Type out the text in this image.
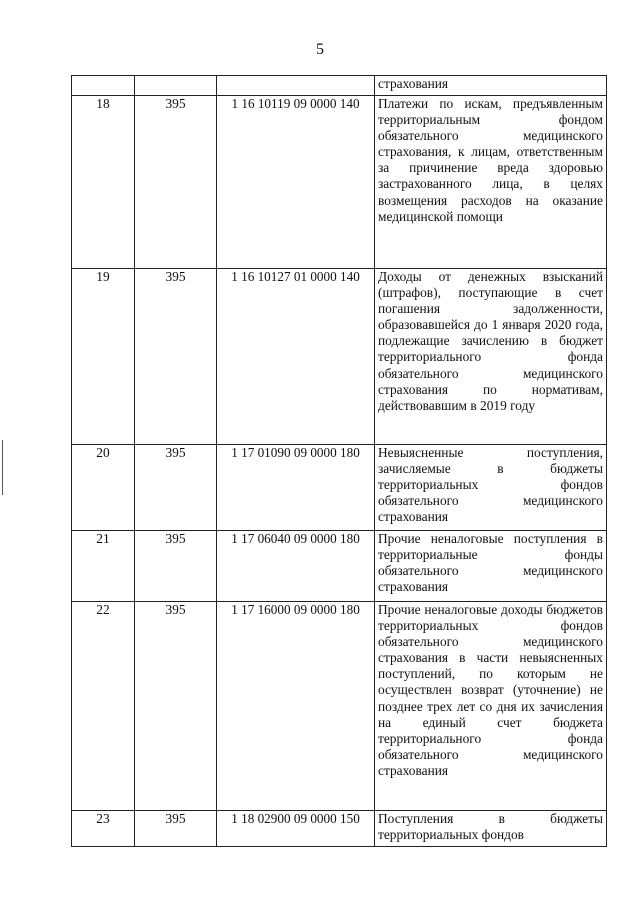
5
			страхования
18	395	1 16 10119 09 0000 140	Платежи по искам, предъявленным территориальным фондом обязательного медицинского страхования, к лицам, ответственным за причинение вреда здоровью застрахованного лица, в целях возмещения расходов на оказание медицинской помощи
19	395	1 16 10127 01 0000 140	Доходы от денежных взысканий (штрафов), поступающие в счет погашения задолженности, образовавшейся до 1 января 2020 года, подлежащие зачислению в бюджет территориального фонда обязательного медицинского страхования по нормативам, действовавшим в 2019 году
20	395	1 17 01090 09 0000 180	Невыясненные поступления, зачисляемые в бюджеты территориальных фондов обязательного медицинского страхования
21	395	1 17 06040 09 0000 180	Прочие неналоговые поступления в территориальные фонды обязательного медицинского страхования
22	395	1 17 16000 09 0000 180	Прочие неналоговые доходы бюджетов территориальных фондов обязательного медицинского страхования в части невыясненных поступлений, по которым не осуществлен возврат (уточнение) не позднее трех лет со дня их зачисления на единый счет бюджета территориального фонда обязательного медицинского страхования
23	395	1 18 02900 09 0000 150	Поступления в бюджеты территориальных фондов
